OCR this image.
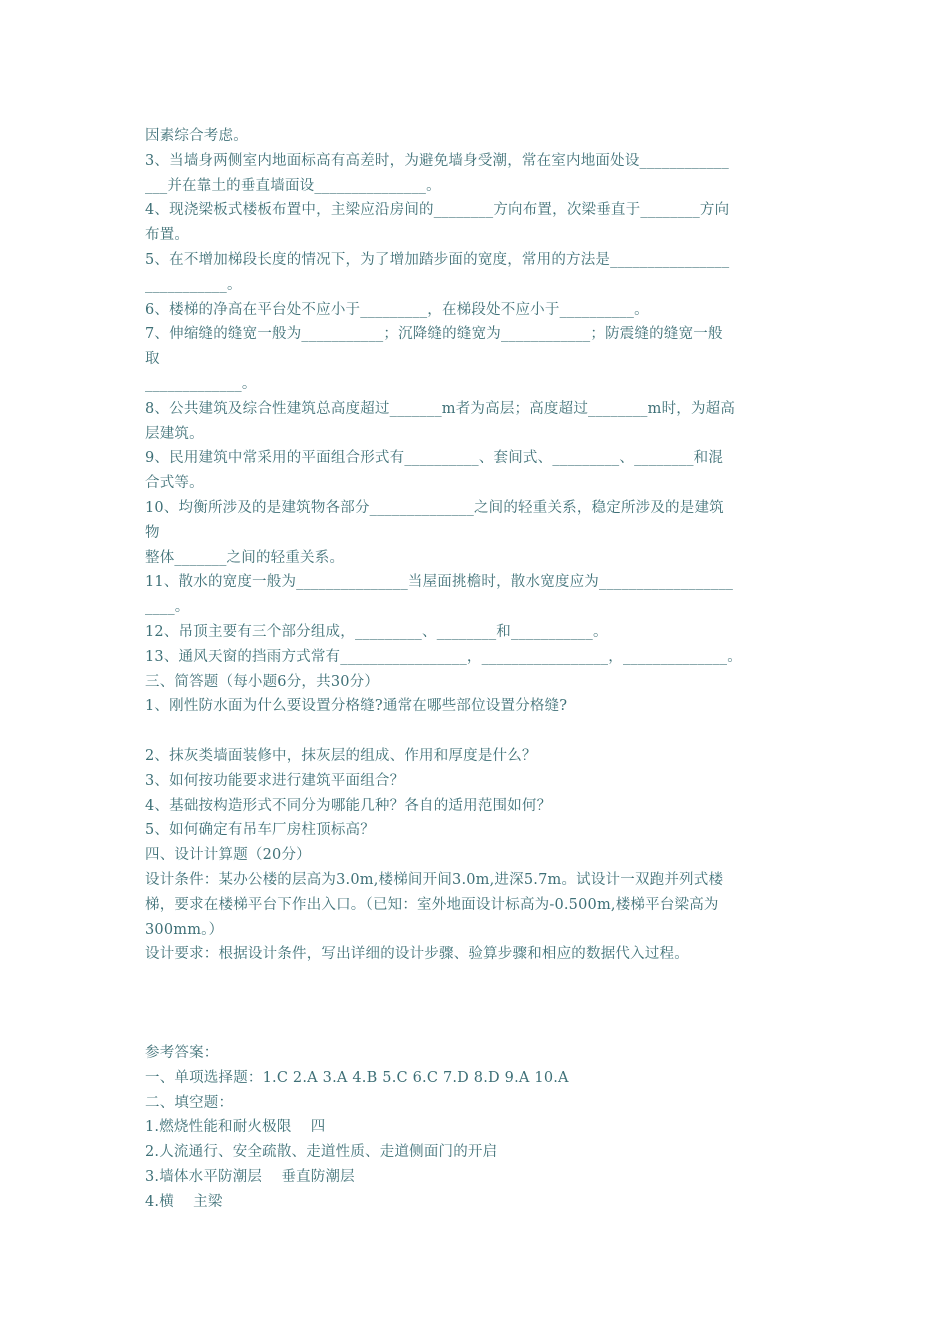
因素综合考虑。
3、当墙身两侧室内地面标高有高差时，为避免墙身受潮，常在室内地面处设____________
___并在靠土的垂直墙面设_______________。
4、现浇梁板式楼板布置中，主梁应沿房间的________方向布置，次梁垂直于________方向
布置。
5、在不增加梯段长度的情况下，为了增加踏步面的宽度，常用的方法是________________
___________。
6、楼梯的净高在平台处不应小于_________，在梯段处不应小于__________。
7、伸缩缝的缝宽一般为___________；沉降缝的缝宽为____________；防震缝的缝宽一般
取
_____________。
8、公共建筑及综合性建筑总高度超过_______m者为高层；高度超过________m时，为超高
层建筑。
9、民用建筑中常采用的平面组合形式有__________、套间式、_________、________和混
合式等。
10、均衡所涉及的是建筑物各部分______________之间的轻重关系，稳定所涉及的是建筑
物
整体_______之间的轻重关系。
11、散水的宽度一般为_______________当屋面挑檐时，散水宽度应为__________________
____。
12、吊顶主要有三个部分组成，_________、________和___________。
13、通风天窗的挡雨方式常有_________________，_________________，______________。
三、简答题（每小题6分，共30分）
1、刚性防水面为什么要设置分格缝?通常在哪些部位设置分格缝?
2、抹灰类墙面装修中，抹灰层的组成、作用和厚度是什么？
3、如何按功能要求进行建筑平面组合？
4、基础按构造形式不同分为哪能几种？各自的适用范围如何？
5、如何确定有吊车厂房柱顶标高？
四、设计计算题（20分）
设计条件：某办公楼的层高为3.0m,楼梯间开间3.0m,进深5.7m。试设计一双跑并列式楼
梯，要求在楼梯平台下作出入口。（已知：室外地面设计标高为-0.500m,楼梯平台梁高为
300mm。）
设计要求：根据设计条件，写出详细的设计步骤、验算步骤和相应的数据代入过程。
参考答案：
一、单项选择题：1.C 2.A 3.A 4.B 5.C 6.C 7.D 8.D 9.A 10.A
二、填空题：
1.燃烧性能和耐火极限    四
2.人流通行、安全疏散、走道性质、走道侧面门的开启
3.墙体水平防潮层    垂直防潮层
4.横    主梁
